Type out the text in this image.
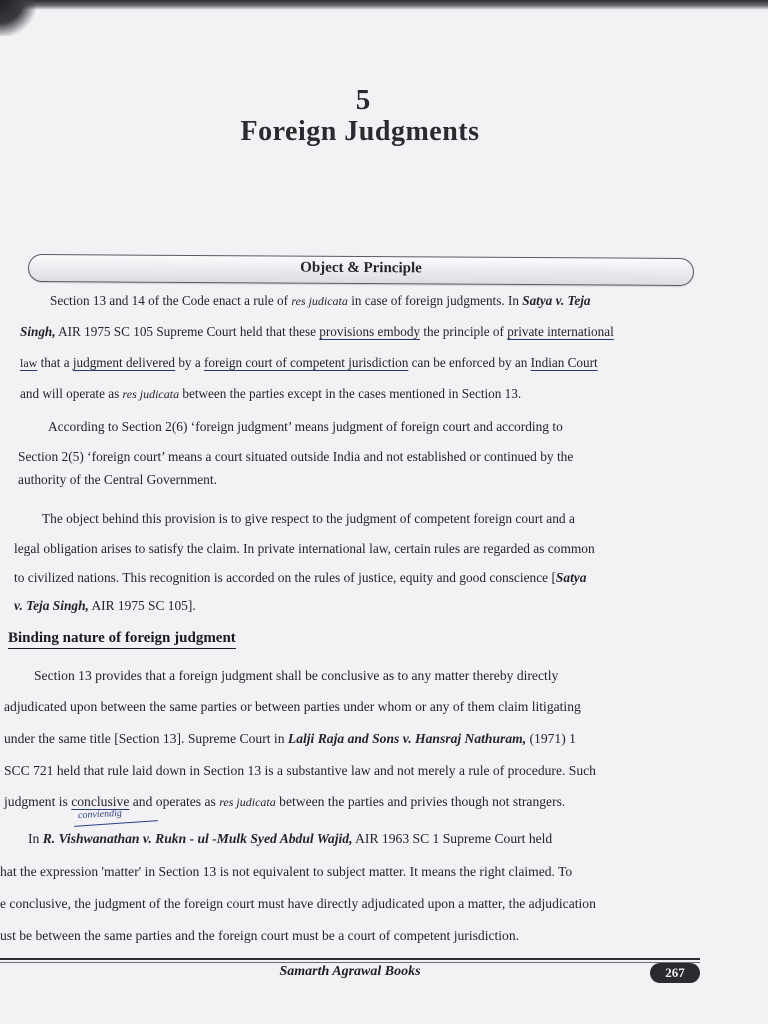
5
Foreign Judgments
Object & Principle
Section 13 and 14 of the Code enact a rule of res judicata in case of foreign judgments. In Satya v. Teja
Singh, AIR 1975 SC 105 Supreme Court held that these provisions embody the principle of private international
law that a judgment delivered by a foreign court of competent jurisdiction can be enforced by an Indian Court
and will operate as res judicata between the parties except in the cases mentioned in Section 13.
According to Section 2(6) ‘foreign judgment’ means judgment of foreign court and according to
Section 2(5) ‘foreign court’ means a court situated outside India and not established or continued by the
authority of the Central Government.
The object behind this provision is to give respect to the judgment of competent foreign court and a
legal obligation arises to satisfy the claim. In private international law, certain rules are regarded as common
to civilized nations. This recognition is accorded on the rules of justice, equity and good conscience [Satya
v. Teja Singh, AIR 1975 SC 105].
Binding nature of foreign judgment
Section 13 provides that a foreign judgment shall be conclusive as to any matter thereby directly
adjudicated upon between the same parties or between parties under whom or any of them claim litigating
under the same title [Section 13]. Supreme Court in Lalji Raja and Sons v. Hansraj Nathuram, (1971) 1
SCC 721 held that rule laid down in Section 13 is a substantive law and not merely a rule of procedure. Such
judgment is conclusive and operates as res judicata between the parties and privies though not strangers.
conviendig
In R. Vishwanathan v. Rukn - ul -Mulk Syed Abdul Wajid, AIR 1963 SC 1 Supreme Court held
hat the expression 'matter' in Section 13 is not equivalent to subject matter. It means the right claimed. To
e conclusive, the judgment of the foreign court must have directly adjudicated upon a matter, the adjudication
ust be between the same parties and the foreign court must be a court of competent jurisdiction.
Samarth Agrawal Books	267
